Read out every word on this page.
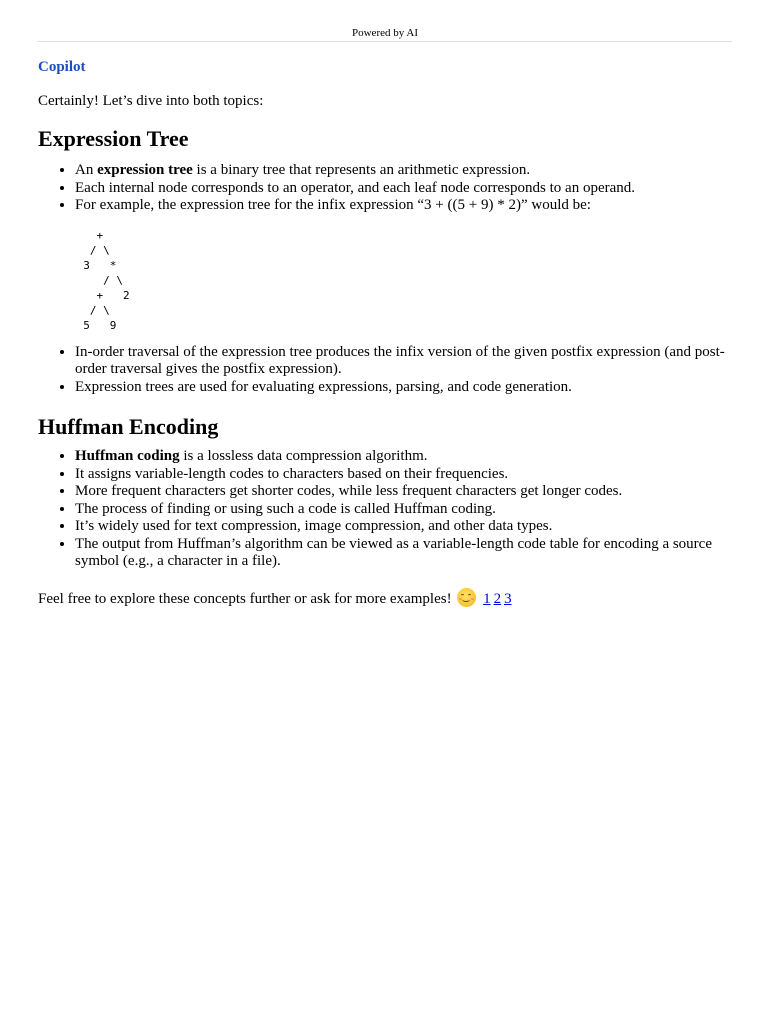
Powered by AI

Copilot

Certainly! Let’s dive into both topics:

Expression Tree
• An expression tree is a binary tree that represents an arithmetic expression.
• Each internal node corresponds to an operator, and each leaf node corresponds to an operand.
• For example, the expression tree for the infix expression “3 + ((5 + 9) * 2)” would be:
+
/ \
3   *
/ \
+   2
/ \
5   9
• In-order traversal of the expression tree produces the infix version of the given postfix expression (and post-order traversal gives the postfix expression).
• Expression trees are used for evaluating expressions, parsing, and code generation.
Huffman Encoding
• Huffman coding is a lossless data compression algorithm.
• It assigns variable-length codes to characters based on their frequencies.
• More frequent characters get shorter codes, while less frequent characters get longer codes.
• The process of finding or using such a code is called Huffman coding.
• It’s widely used for text compression, image compression, and other data types.
• The output from Huffman’s algorithm can be viewed as a variable-length code table for encoding a source symbol (e.g., a character in a file).

Feel free to explore these concepts further or ask for more examples!
1 2 3
